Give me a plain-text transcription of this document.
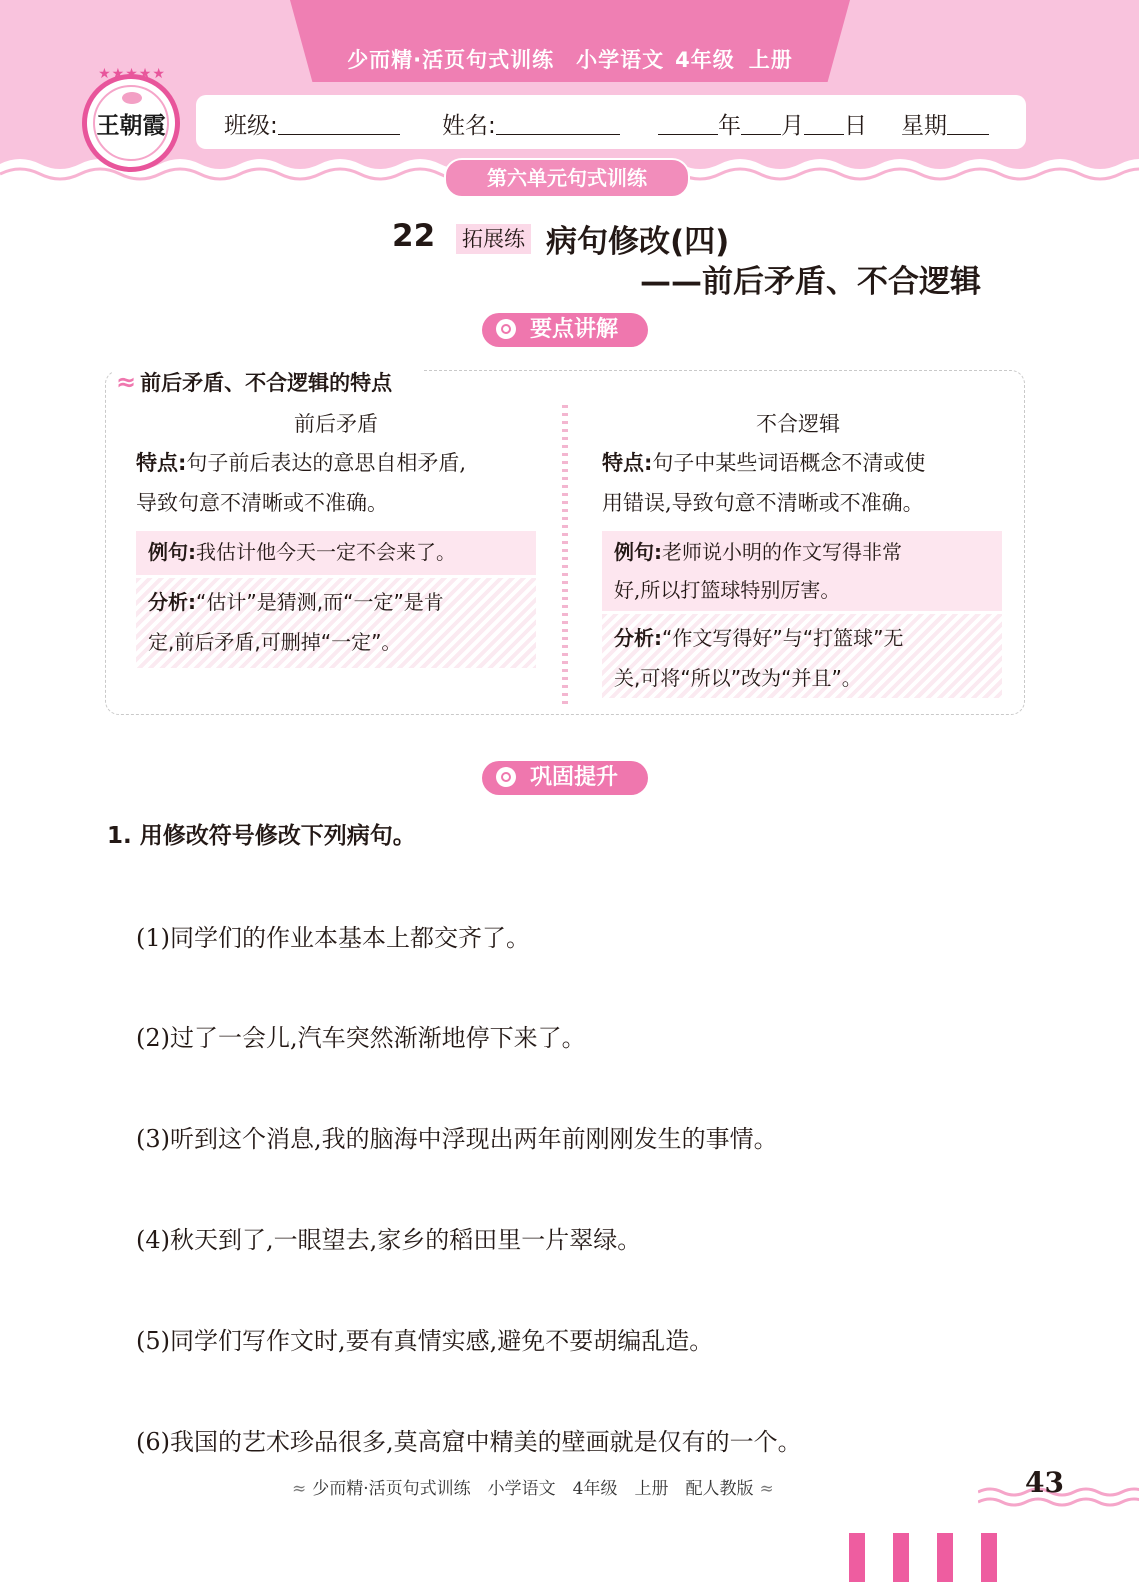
少而精·活页句式训练 小学语文 4年级 上册
王朝霞
★★★★★
班级:	姓名:	年 月 日 星期
第六单元句式训练
22 拓展练 病句修改(四)
——前后矛盾、不合逻辑
要点讲解
≈ 前后矛盾、不合逻辑的特点
前后矛盾
特点:句子前后表达的意思自相矛盾,
导致句意不清晰或不准确。
例句:我估计他今天一定不会来了。
分析:“估计”是猜测,而“一定”是肯
定,前后矛盾,可删掉“一定”。
不合逻辑
特点:句子中某些词语概念不清或使
用错误,导致句意不清晰或不准确。
例句:老师说小明的作文写得非常
好,所以打篮球特别厉害。
分析:“作文写得好”与“打篮球”无
关,可将“所以”改为“并且”。
巩固提升
1. 用修改符号修改下列病句。
(1)同学们的作业本基本上都交齐了。
(2)过了一会儿,汽车突然渐渐地停下来了。
(3)听到这个消息,我的脑海中浮现出两年前刚刚发生的事情。
(4)秋天到了,一眼望去,家乡的稻田里一片翠绿。
(5)同学们写作文时,要有真情实感,避免不要胡编乱造。
(6)我国的艺术珍品很多,莫高窟中精美的壁画就是仅有的一个。
≈ 少而精·活页句式训练　小学语文　4年级　上册　配人教版 ≈	43
